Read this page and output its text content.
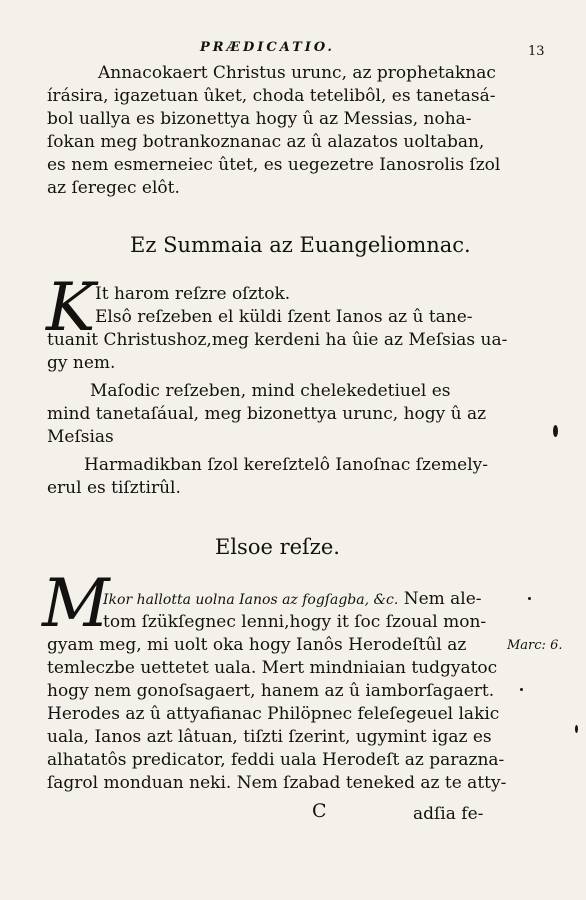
PRÆDICATIO.	13
Annacokaert Christus urunc, az prophetaknac
írásira, igazetuan ûket, choda tetelibôl, es tanetasá-
bol uallya es bizonettya hogy û az Messias, noha-
ſokan meg botrankoznanac az û alazatos uoltaban,
es nem esmerneiec ûtet, es uegezetre Ianosrolis ſzol
az ſeregec elôt.
Ez Summaia az Euangeliomnac.
K It harom reſzre oſztok.
Elsô reſzeben el küldi ſzent Ianos az û tane-
tuanit Christushoz,meg kerdeni ha ûie az Meſsias ua-
gy nem.
Maſodic reſzeben, mind chelekedetiuel es
mind tanetaſáual, meg bizonettya urunc, hogy û az
Meſsias
Harmadikban ſzol kereſztelô Ianoſnac ſzemely-
erul es tiſztirûl.
Elsoe reſze.
M
Ikor hallotta uolna Ianos az fogſagba, &c. Nem ale-
tom ſzükſegnec lenni,hogy it ſoc ſzoual mon-
gyam meg, mi uolt oka hogy Ianôs Herodeſtûl az
temleczbe uettetet uala. Mert mindniaian tudgyatoc
hogy nem gonoſsagaert, hanem az û iamborſagaert.
Herodes az û attyafianac Philöpnec feleſegeuel lakic
uala, Ianos azt lâtuan, tiſzti ſzerint, ugymint igaz es
alhatatôs predicator, feddi uala Herodeſt az parazna-
ſagrol monduan neki. Nem ſzabad teneked az te atty-
Marc: 6.
C	adſia fe-
